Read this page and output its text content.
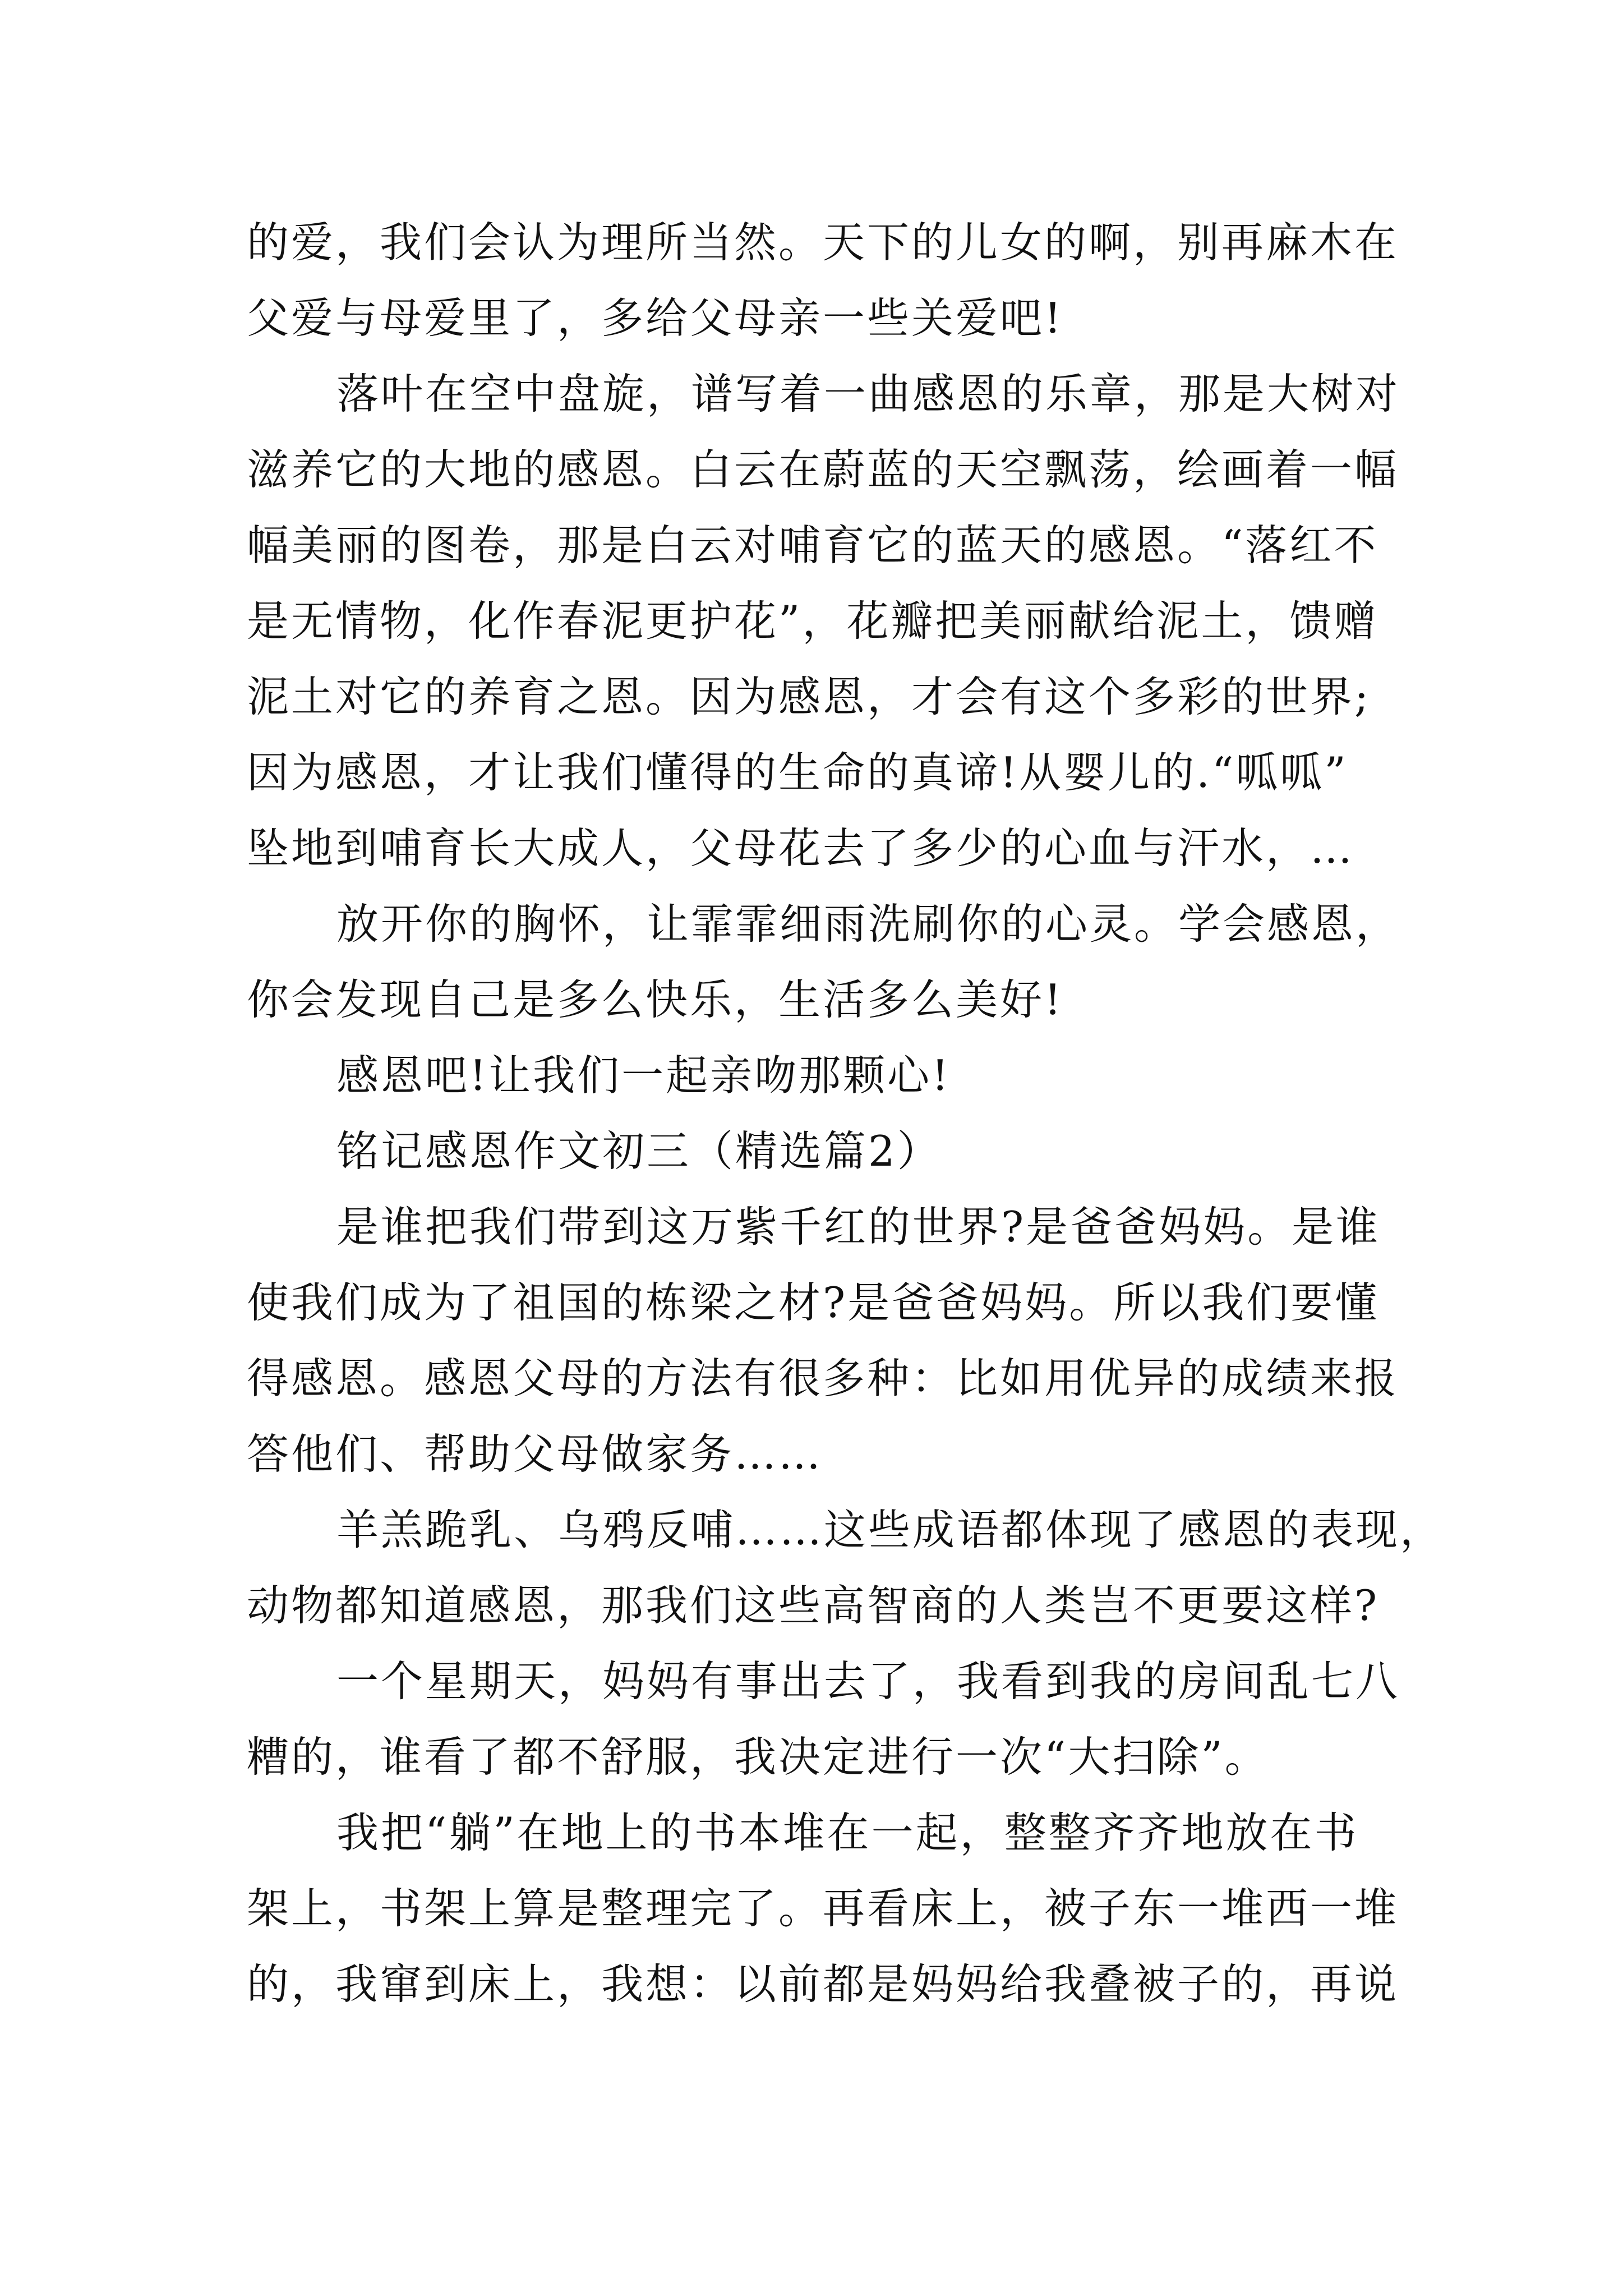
的爱，我们会认为理所当然。天下的儿女的啊，别再麻木在
父爱与母爱里了，多给父母亲一些关爱吧!
落叶在空中盘旋，谱写着一曲感恩的乐章，那是大树对
滋养它的大地的感恩。白云在蔚蓝的天空飘荡，绘画着一幅
幅美丽的图卷，那是白云对哺育它的蓝天的感恩。“落红不
是无情物，化作春泥更护花”，花瓣把美丽献给泥土，馈赠
泥土对它的养育之恩。因为感恩，才会有这个多彩的世界;
因为感恩，才让我们懂得的生命的真谛!从婴儿的.“呱呱”
坠地到哺育长大成人，父母花去了多少的心血与汗水，…
放开你的胸怀，让霏霏细雨洗刷你的心灵。学会感恩，
你会发现自己是多么快乐，生活多么美好!
感恩吧!让我们一起亲吻那颗心!
铭记感恩作文初三（精选篇2）
是谁把我们带到这万紫千红的世界?是爸爸妈妈。是谁
使我们成为了祖国的栋梁之材?是爸爸妈妈。所以我们要懂
得感恩。感恩父母的方法有很多种：比如用优异的成绩来报
答他们、帮助父母做家务……
羊羔跪乳、乌鸦反哺……这些成语都体现了感恩的表现，
动物都知道感恩，那我们这些高智商的人类岂不更要这样?
一个星期天，妈妈有事出去了，我看到我的房间乱七八
糟的，谁看了都不舒服，我决定进行一次“大扫除”。
我把“躺”在地上的书本堆在一起，整整齐齐地放在书
架上，书架上算是整理完了。再看床上，被子东一堆西一堆
的，我窜到床上，我想：以前都是妈妈给我叠被子的，再说
